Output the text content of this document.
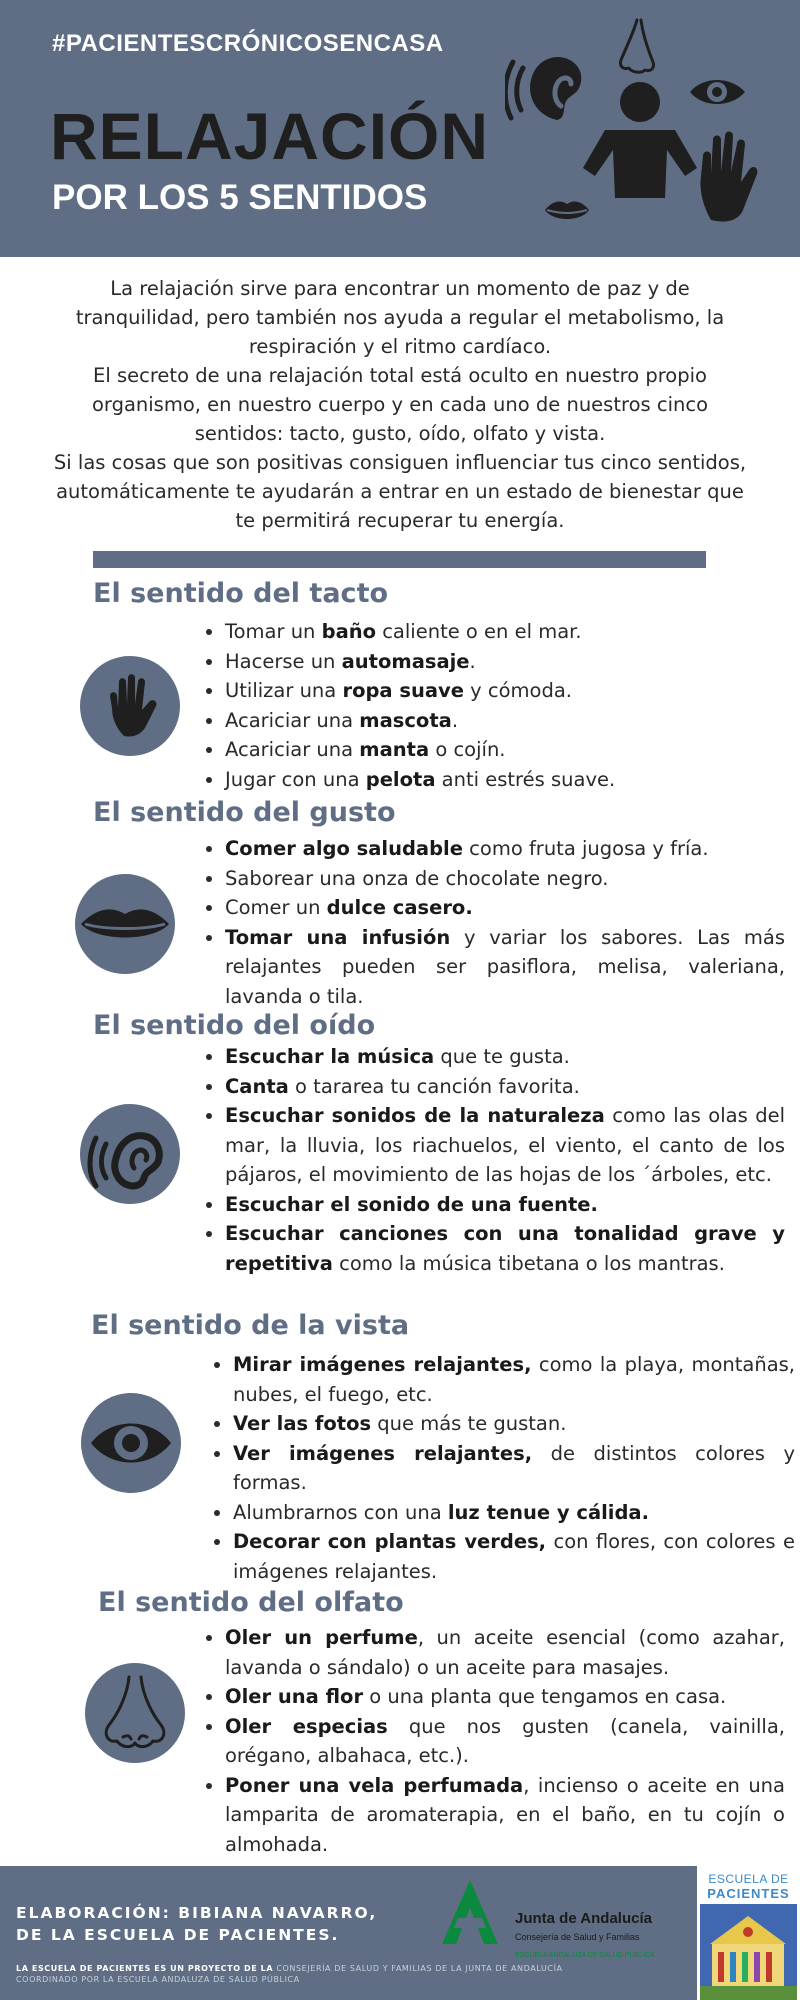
#PACIENTESCRÓNICOSENCASA
RELAJACIÓN
POR LOS 5 SENTIDOS

La relajación sirve para encontrar un momento de paz y de tranquilidad, pero también nos ayuda a regular el metabolismo, la respiración y el ritmo cardíaco.

El secreto de una relajación total está oculto en nuestro propio organismo, en nuestro cuerpo y en cada uno de nuestros cinco sentidos: tacto, gusto, oído, olfato y vista.

Si las cosas que son positivas consiguen influenciar tus cinco sentidos, automáticamente te ayudarán a entrar en un estado de bienestar que te permitirá recuperar tu energía.

El sentido del tacto
• Tomar un baño caliente o en el mar.
• Hacerse un automasaje.
• Utilizar una ropa suave y cómoda.
• Acariciar una mascota.
• Acariciar una manta o cojín.
• Jugar con una pelota anti estrés suave.
El sentido del gusto
• Comer algo saludable como fruta jugosa y fría.
• Saborear una onza de chocolate negro.
• Comer un dulce casero.
• Tomar una infusión y variar los sabores. Las más relajantes pueden ser pasiflora, melisa, valeriana, lavanda o tila.
El sentido del oído
• Escuchar la música que te gusta.
• Canta o tararea tu canción favorita.
• Escuchar sonidos de la naturaleza como las olas del mar, la lluvia, los riachuelos, el viento, el canto de los pájaros, el movimiento de las hojas de los ´árboles, etc.
• Escuchar el sonido de una fuente.
• Escuchar canciones con una tonalidad grave y repetitiva como la música tibetana o los mantras.
El sentido de la vista
• Mirar imágenes relajantes, como la playa, montañas, nubes, el fuego, etc.
• Ver las fotos que más te gustan.
• Ver imágenes relajantes, de distintos colores y formas.
• Alumbrarnos con una luz tenue y cálida.
• Decorar con plantas verdes, con flores, con colores e imágenes relajantes.
El sentido del olfato
• Oler un perfume, un aceite esencial (como azahar, lavanda o sándalo) o un aceite para masajes.
• Oler una flor o una planta que tengamos en casa.
• Oler especias que nos gusten (canela, vainilla, orégano, albahaca, etc.).
• Poner una vela perfumada, incienso o aceite en una lamparita de aromaterapia, en el baño, en tu cojín o almohada.
ELABORACIÓN: BIBIANA NAVARRO,
DE LA ESCUELA DE PACIENTES.
LA ESCUELA DE PACIENTES ES UN PROYECTO DE LA CONSEJERÍA DE SALUD Y FAMILIAS DE LA JUNTA DE ANDALUCÍA
COORDINADO POR LA ESCUELA ANDALUZA DE SALUD PÚBLICA
Junta de Andalucía
Consejería de Salud y Familias
ESCUELA ANDALUZA DE SALUD PÚBLICA
ESCUELA DE
PACIENTES
